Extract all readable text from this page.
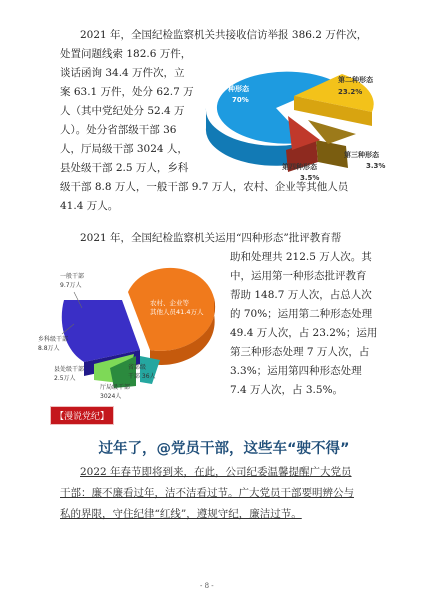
2021 年，全国纪检监察机关共接收信访举报 386.2 万件次，
处置问题线索 182.6 万件，
谈话函询 34.4 万件次，立
案 63.1 万件，处分 62.7 万
人（其中党纪处分 52.4 万
人）。处分省部级干部 36
人，厅局级干部 3024 人，
县处级干部 2.5 万人，乡科
级干部 8.8 万人，一般干部 9.7 万人，农村、企业等其他人员
41.4 万人。
第一种形态
70%
第二种形态
23.2%
第三种形态
3.3%
第四种形态
3.5%
2021 年，全国纪检监察机关运用“四种形态”批评教育帮
助和处理共 212.5 万人次。其
中，运用第一种形态批评教育
帮助 148.7 万人次，占总人次
的 70%；运用第二种形态处理
49.4 万人次，占 23.2%；运用
第三种形态处理 7 万人次，占
3.3%；运用第四种形态处理
7.4 万人次，占 3.5%。
一般干部
9.7万人
农村、企业等
其他人员41.4万人
乡科级干部
8.8万人
县处级干部
2.5万人
厅局级干部
3024人
省部级
干部 36人
【漫说党纪】
过年了，@党员干部，这些车“驶不得”
2022 年春节即将到来，在此，公司纪委温馨提醒广大党员
干部：廉不廉看过年，洁不洁看过节。广大党员干部要明辨公与
私的界限，守住纪律“红线”，遵规守纪，廉洁过节。
- 8 -
